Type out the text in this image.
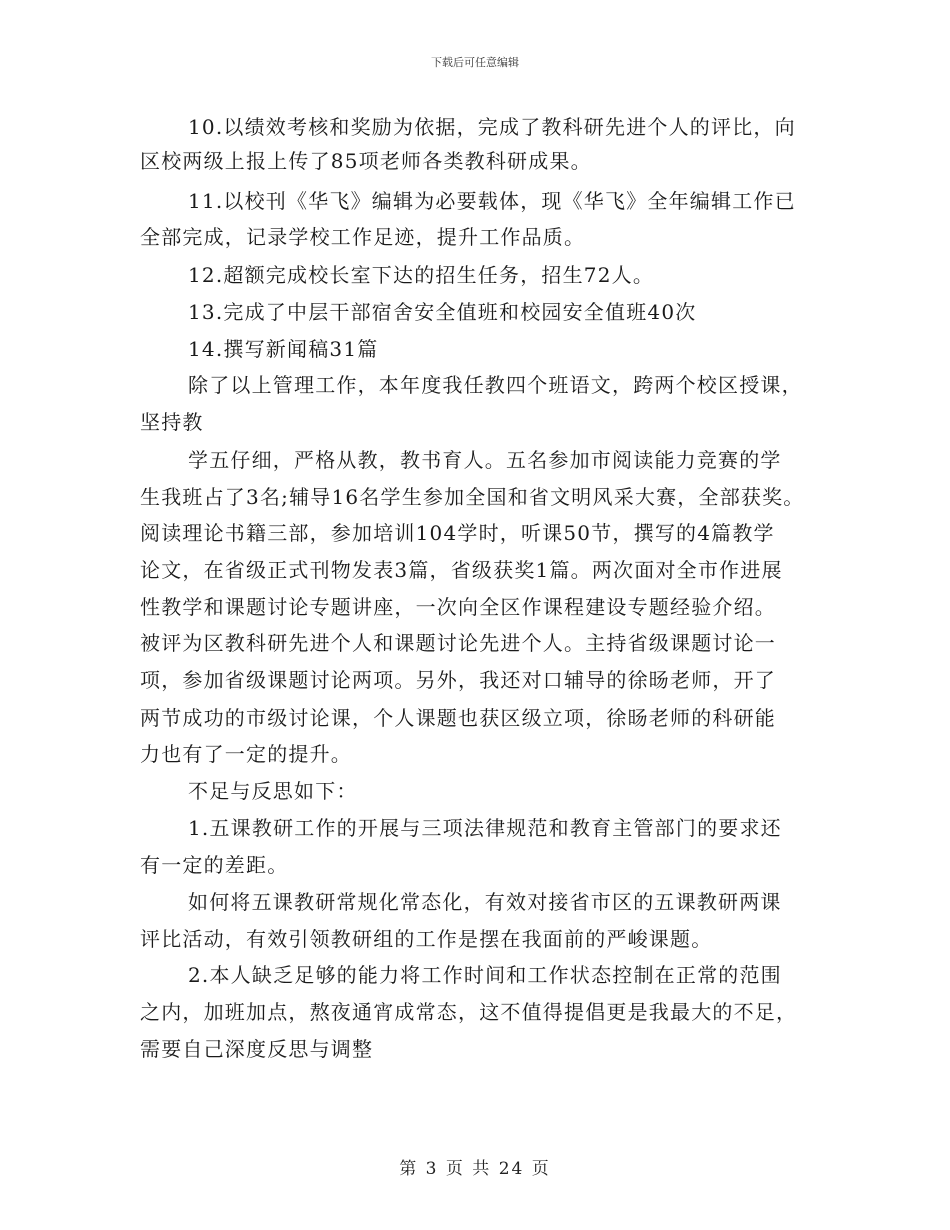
下载后可任意编辑
10.以绩效考核和奖励为依据，完成了教科研先进个人的评比，向
区校两级上报上传了85项老师各类教科研成果。
11.以校刊《华飞》编辑为必要载体，现《华飞》全年编辑工作已
全部完成，记录学校工作足迹，提升工作品质。
12.超额完成校长室下达的招生任务，招生72人。
13.完成了中层干部宿舍安全值班和校园安全值班40次
14.撰写新闻稿31篇
除了以上管理工作，本年度我任教四个班语文，跨两个校区授课，
坚持教
学五仔细，严格从教，教书育人。五名参加市阅读能力竞赛的学
生我班占了3名;辅导16名学生参加全国和省文明风采大赛，全部获奖。
阅读理论书籍三部，参加培训104学时，听课50节，撰写的4篇教学
论文，在省级正式刊物发表3篇，省级获奖1篇。两次面对全市作进展
性教学和课题讨论专题讲座，一次向全区作课程建设专题经验介绍。
被评为区教科研先进个人和课题讨论先进个人。主持省级课题讨论一
项，参加省级课题讨论两项。另外，我还对口辅导的徐旸老师，开了
两节成功的市级讨论课，个人课题也获区级立项，徐旸老师的科研能
力也有了一定的提升。
不足与反思如下：
1.五课教研工作的开展与三项法律规范和教育主管部门的要求还
有一定的差距。
如何将五课教研常规化常态化，有效对接省市区的五课教研两课
评比活动，有效引领教研组的工作是摆在我面前的严峻课题。
2.本人缺乏足够的能力将工作时间和工作状态控制在正常的范围
之内，加班加点，熬夜通宵成常态，这不值得提倡更是我最大的不足，
需要自己深度反思与调整
第 3 页 共 24 页
